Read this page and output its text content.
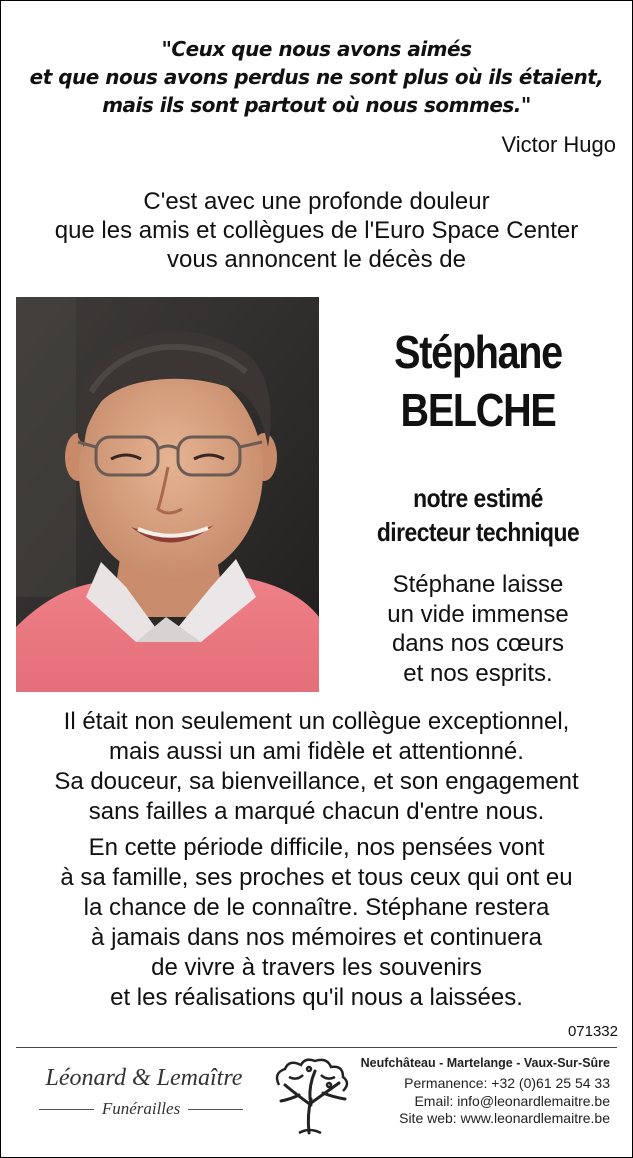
"Ceux que nous avons aimés
et que nous avons perdus ne sont plus où ils étaient,
mais ils sont partout où nous sommes."
Victor Hugo
C'est avec une profonde douleur
que les amis et collègues de l'Euro Space Center
vous annoncent le décès de
Stéphane
BELCHE
notre estimé
directeur technique
Stéphane laisse
un vide immense
dans nos cœurs
et nos esprits.
Il était non seulement un collègue exceptionnel,
mais aussi un ami fidèle et attentionné.
Sa douceur, sa bienveillance, et son engagement
sans failles a marqué chacun d'entre nous.
En cette période difficile, nos pensées vont
à sa famille, ses proches et tous ceux qui ont eu
la chance de le connaître. Stéphane restera
à jamais dans nos mémoires et continuera
de vivre à travers les souvenirs
et les réalisations qu'il nous a laissées.
071332
Léonard & Lemaître
Funérailles
Neufchâteau - Martelange - Vaux-Sur-Sûre
Permanence: +32 (0)61 25 54 33
Email: info@leonardlemaitre.be
Site web: www.leonardlemaitre.be
